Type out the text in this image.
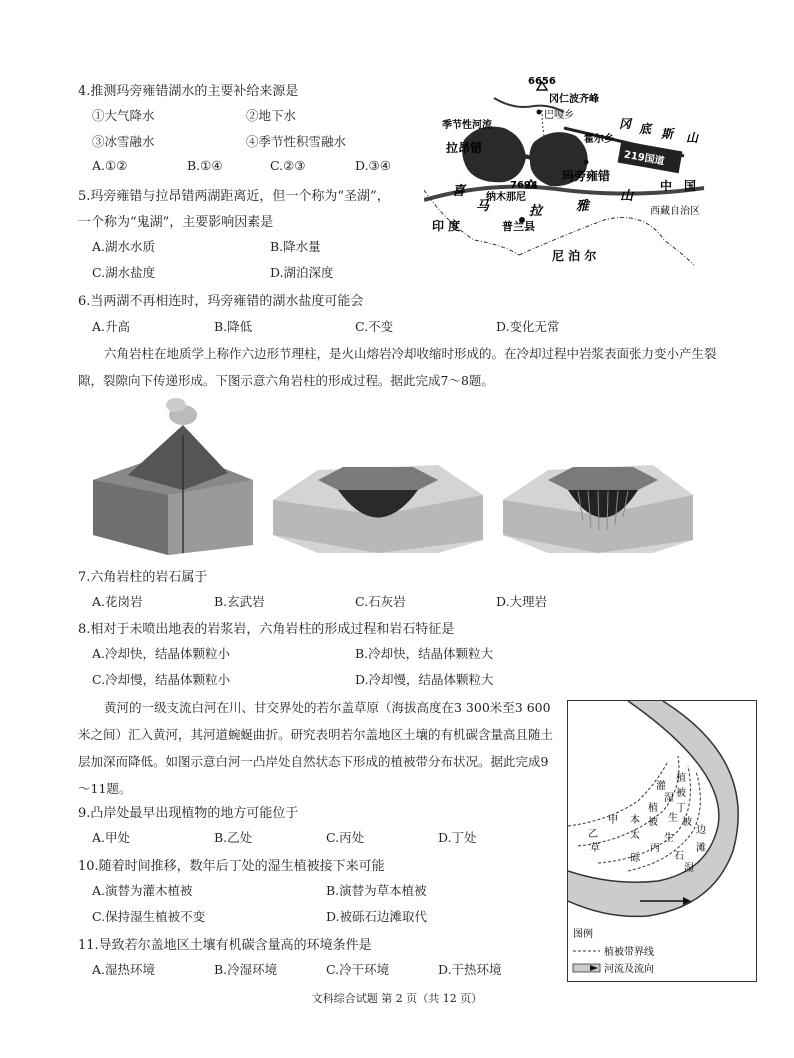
4.推测玛旁雍错湖水的主要补给来源是
①大气降水	②地下水
③冰雪融水	④季节性积雪融水
A.①②	B.①④	C.②③	D.③④
5.玛旁雍错与拉昂错两湖距离近，但一个称为“圣湖”，
一个称为“鬼湖”，主要影响因素是
A.湖水水质	B.降水量
C.湖水盐度	D.湖泊深度
6.当两湖不再相连时，玛旁雍错的湖水盐度可能会
A.升高	B.降低	C.不变	D.变化无常
6656
冈仁波齐峰
巴嘎乡
季节性河流	冈 底 斯 山
霍尔乡
拉昂错
玛旁雍错
219国道
7694
纳木那尼
喜
马	拉	雅
山
普兰县
中　国
西藏自治区
印 度
尼 泊 尔
六角岩柱在地质学上称作六边形节理柱，是火山熔岩冷却收缩时形成的。在冷却过程中岩浆表面张力变小产生裂隙，裂隙向下传递形成。下图示意六角岩柱的形成过程。据此完成7～8题。
7.六角岩柱的岩石属于
A.花岗岩	B.玄武岩	C.石灰岩	D.大理岩
8.相对于未喷出地表的岩浆岩，六角岩柱的形成过程和岩石特征是
A.冷却快，结晶体颗粒小	B.冷却快，结晶体颗粒大
C.冷却慢，结晶体颗粒小	D.冷却慢，结晶体颗粒大
黄河的一级支流白河在川、甘交界处的若尔盖草原（海拔高度在3 300米至3 600米之间）汇入黄河，其河道蜿蜒曲折。研究表明若尔盖地区土壤的有机碳含量高且随土层加深而降低。如图示意白河一凸岸处自然状态下形成的植被带分布状况。据此完成9～11题。
乙
草
甲 本
太
植
被
灌
丙
生
湿
生
植
被
丁
被
砾	石
边
滩
湿
图例
植被带界线
河流及流向
9.凸岸处最早出现植物的地方可能位于
A.甲处	B.乙处	C.丙处	D.丁处
10.随着时间推移，数年后丁处的湿生植被接下来可能
A.演替为灌木植被	B.演替为草本植被
C.保持湿生植被不变	D.被砾石边滩取代
11.导致若尔盖地区土壤有机碳含量高的环境条件是
A.湿热环境	B.冷湿环境	C.冷干环境	D.干热环境
文科综合试题 第 2 页（共 12 页）
